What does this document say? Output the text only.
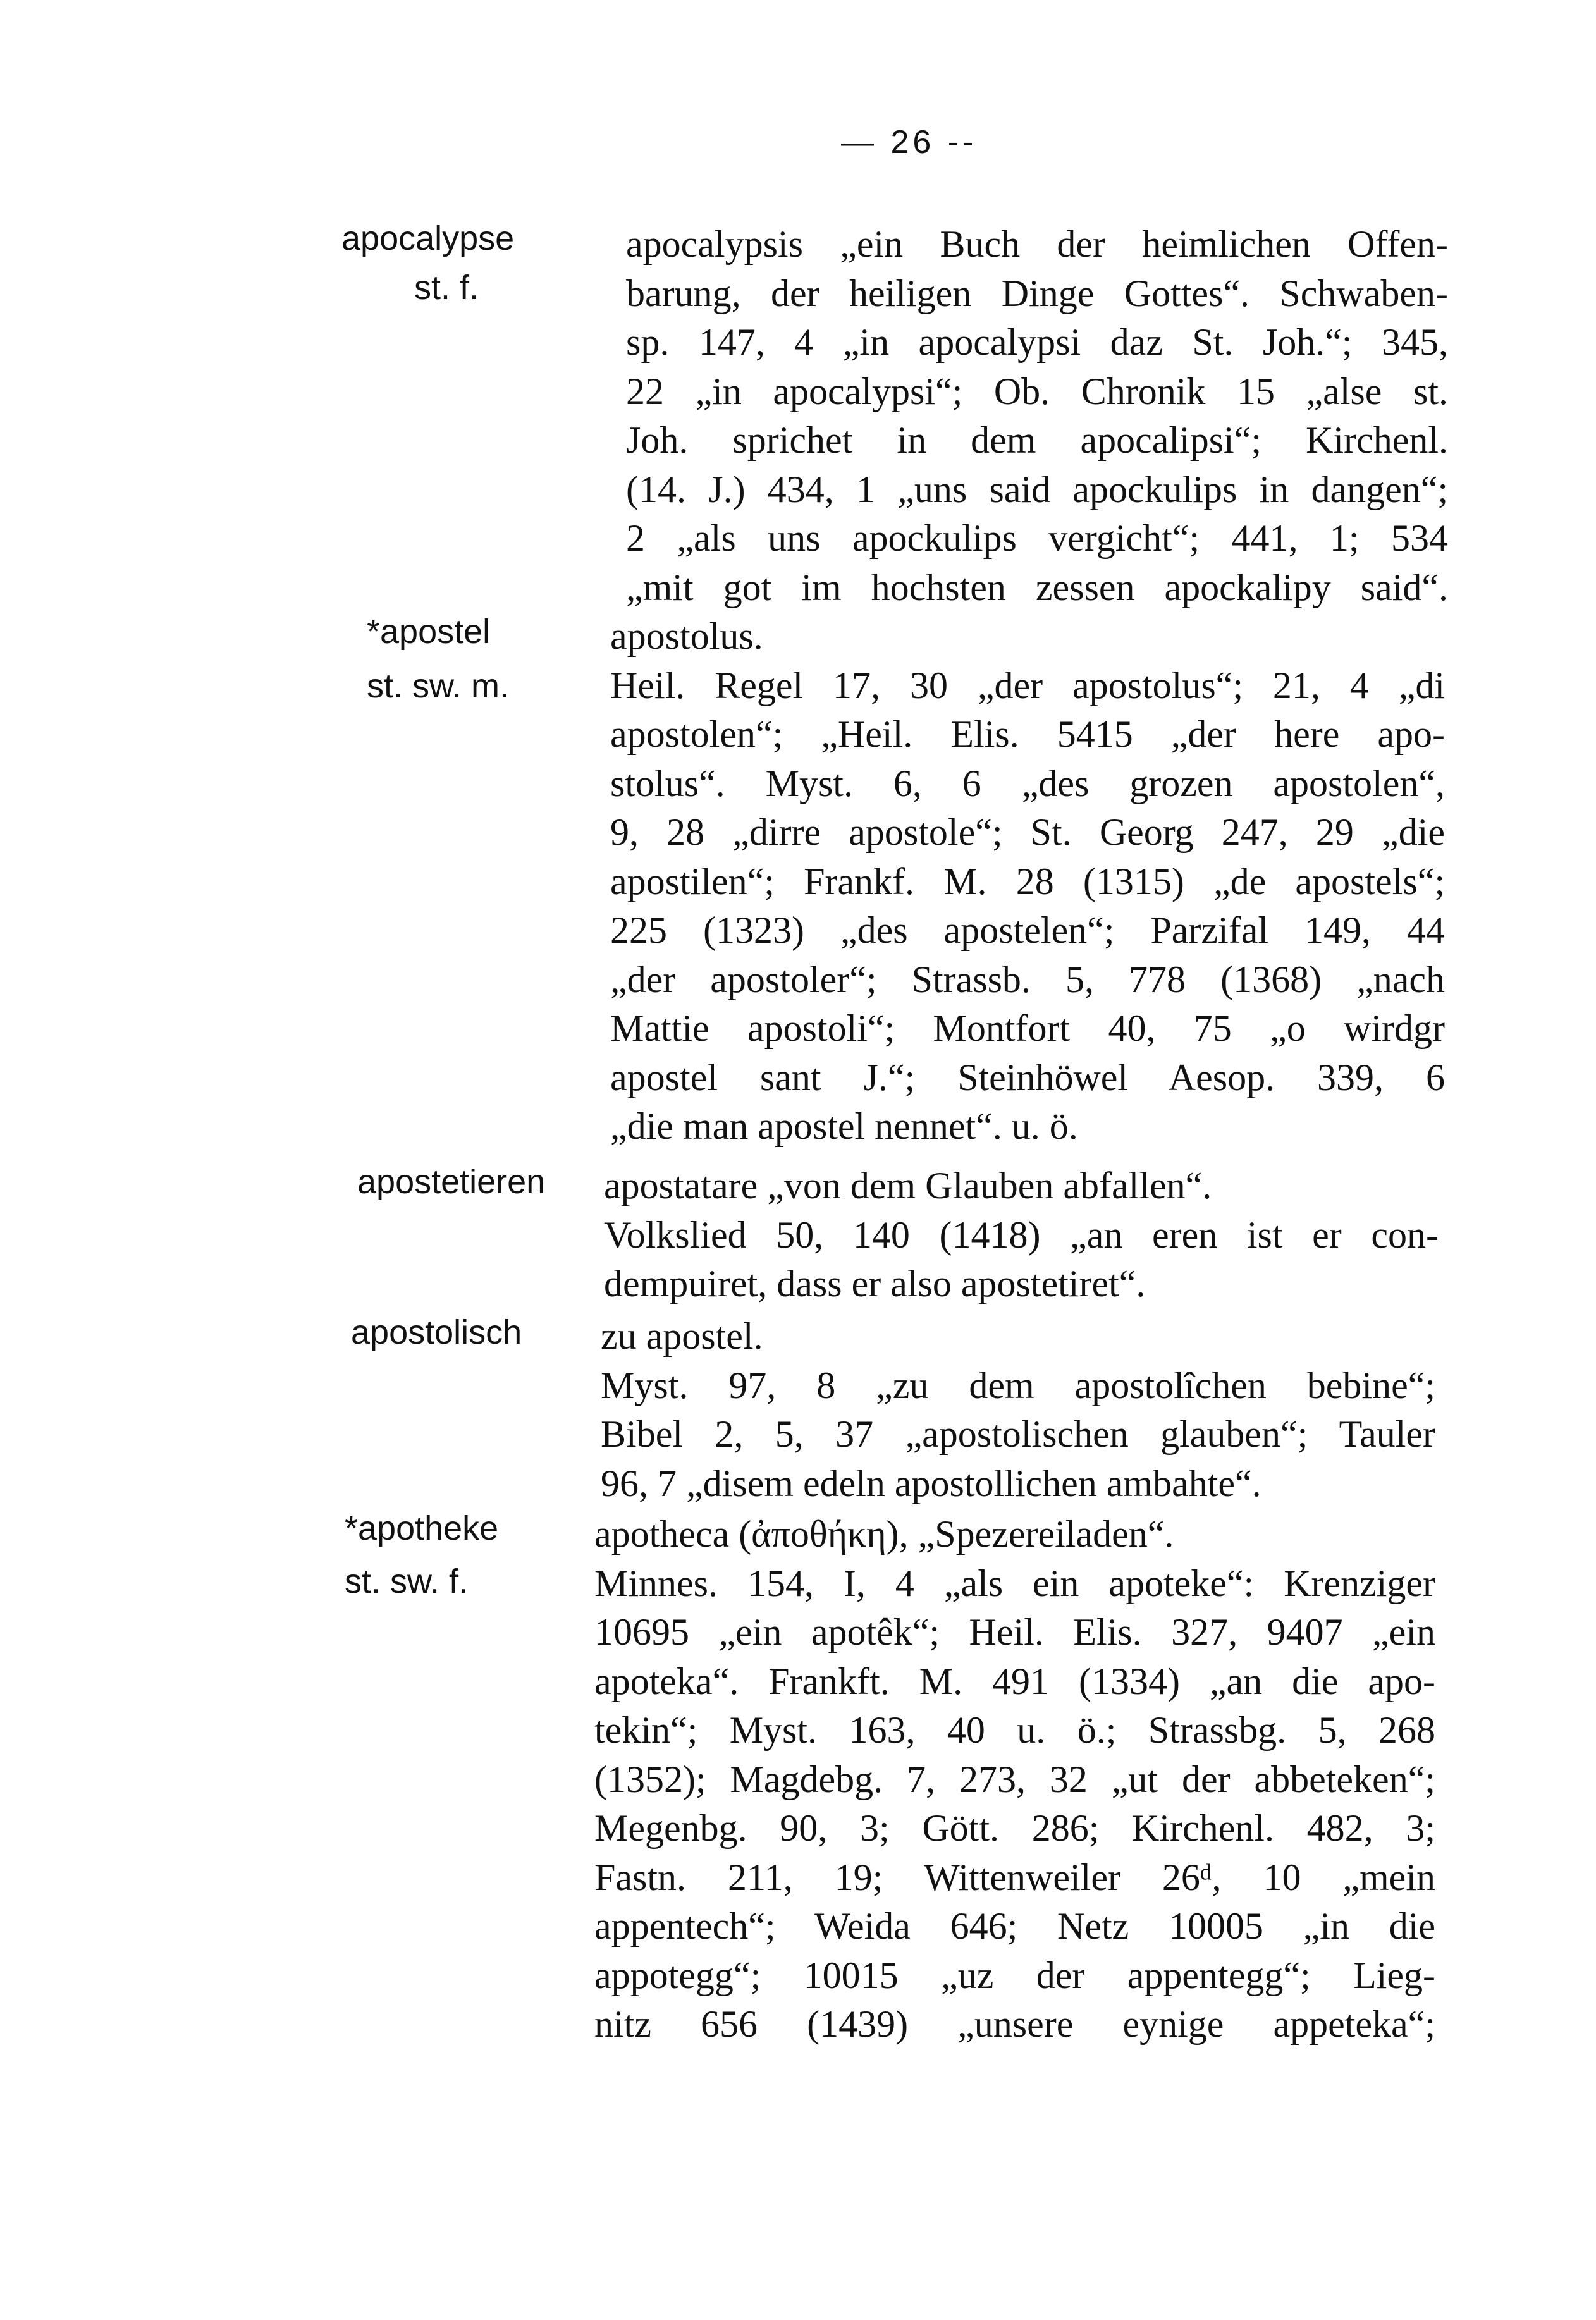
— 26 --
apocalypse
st. f.
apocalypsis „ein Buch der heimlichen Offen-
barung, der heiligen Dinge Gottes“. Schwaben-
sp. 147, 4 „in apocalypsi daz St. Joh.“; 345,
22 „in apocalypsi“; Ob. Chronik 15 „alse st.
Joh. sprichet in dem apocalipsi“; Kirchenl.
(14. J.) 434, 1 „uns said apockulips in dangen“;
2 „als uns apockulips vergicht“; 441, 1; 534
„mit got im hochsten zessen apockalipy said“.
*apostel
st. sw. m.
apostolus.
Heil. Regel 17, 30 „der apostolus“; 21, 4 „di
apostolen“; „Heil. Elis. 5415 „der here apo-
stolus“. Myst. 6, 6 „des grozen apostolen“,
9, 28 „dirre apostole“; St. Georg 247, 29 „die
apostilen“; Frankf. M. 28 (1315) „de apostels“;
225 (1323) „des apostelen“; Parzifal 149, 44
„der apostoler“; Strassb. 5, 778 (1368) „nach
Mattie apostoli“; Montfort 40, 75 „o wirdgr
apostel sant J.“; Steinhöwel Aesop. 339, 6
„die man apostel nennet“. u. ö.
apostetieren	apostatare „von dem Glauben abfallen“.
Volkslied 50, 140 (1418) „an eren ist er con-
dempuiret, dass er also apostetiret“.
apostolisch	zu apostel.
Myst. 97, 8 „zu dem apostolîchen bebine“;
Bibel 2, 5, 37 „apostolischen glauben“; Tauler
96, 7 „disem edeln apostollichen ambahte“.
*apotheke
st. sw. f.
apotheca (ἀποθήκη), „Spezereiladen“.
Minnes. 154, I, 4 „als ein apoteke“: Krenziger
10695 „ein apotêk“; Heil. Elis. 327, 9407 „ein
apoteka“. Frankft. M. 491 (1334) „an die apo-
tekin“; Myst. 163, 40 u. ö.; Strassbg. 5, 268
(1352); Magdebg. 7, 273, 32 „ut der abbeteken“;
Megenbg. 90, 3; Gött. 286; Kirchenl. 482, 3;
Fastn. 211, 19; Wittenweiler 26ᵈ, 10 „mein
appentech“; Weida 646; Netz 10005 „in die
appotegg“; 10015 „uz der appentegg“; Lieg-
nitz 656 (1439) „unsere eynige appeteka“;
